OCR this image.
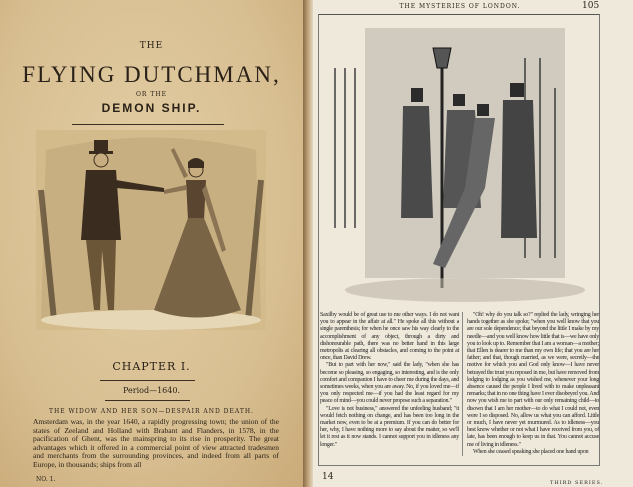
THE
FLYING DUTCHMAN,
OR THE
DEMON SHIP.
CHAPTER I.
Period—1640.
THE WIDOW AND HER SON—DESPAIR AND DEATH.
Amsterdam was, in the year 1640, a rapidly progressing town; the union of the states of Zeeland and Holland with Brabant and Flanders, in 1578, in the pacification of Ghent, was the mainspring to its rise in prosperity. The great advantages which it offered in a commercial point of view attracted tradesmen and merchants from the surrounding provinces, and indeed from all parts of Europe, in thousands; ships from all
NO. 1.
THE MYSTERIES OF LONDON.	105

Saxilby would be of great use to me other ways. I do not want you to appear in the affair at all." He spoke all this without a single parenthesis; for when he once saw his way clearly to the accomplishment of any object, through a dirty and dishonourable path, there was no better hand in this large metropolis at clearing all obstacles, and coming to the point at once, than David Drew.

"But to part with her now," said the lady, "when she has become so pleasing, so engaging, so interesting, and is the only comfort and companion I have to cheer me during the days, and sometimes weeks, when you are away. No, if you loved me—if you only respected me—if you had the least regard for my peace of mind—you could never propose such a separation."

"Love is not business," answered the unfeeling husband; "it would fetch nothing on change, and has been too long in the market now, even to be at a premium. If you can do better for her, why, I have nothing more to say about the matter, so we'll let it rest as it now stands. I cannot support you in idleness any longer."

"Oh! why do you talk so?" replied the lady, wringing her hands together as she spoke; "when you well know that you are our sole dependence; that beyond the little I make by my needle—and you well know how little that is—we have only you to look up to. Remember that I am a woman—a mother; that Ellen is dearer to me than my own life; that you are her father; and that, though married, as we were, secretly—the motive for which you and God only know—I have never betrayed the trust you reposed in me, but have removed from lodging to lodging as you wished me, whenever your long absence caused the people I lived with to make unpleasant remarks; that in no one thing have I ever disobeyed you. And now you wish me to part with our only remaining child—to disown that I am her mother—to do what I could not, even were I so disposed. No, allow us what you can afford. Little or much, I have never yet murmured. As to idleness—you best know whether or not what I have received from you, of late, has been enough to keep us in that. You cannot accuse me of living in idleness."

When she ceased speaking she placed one hand upon

14
THIRD SERIES.
